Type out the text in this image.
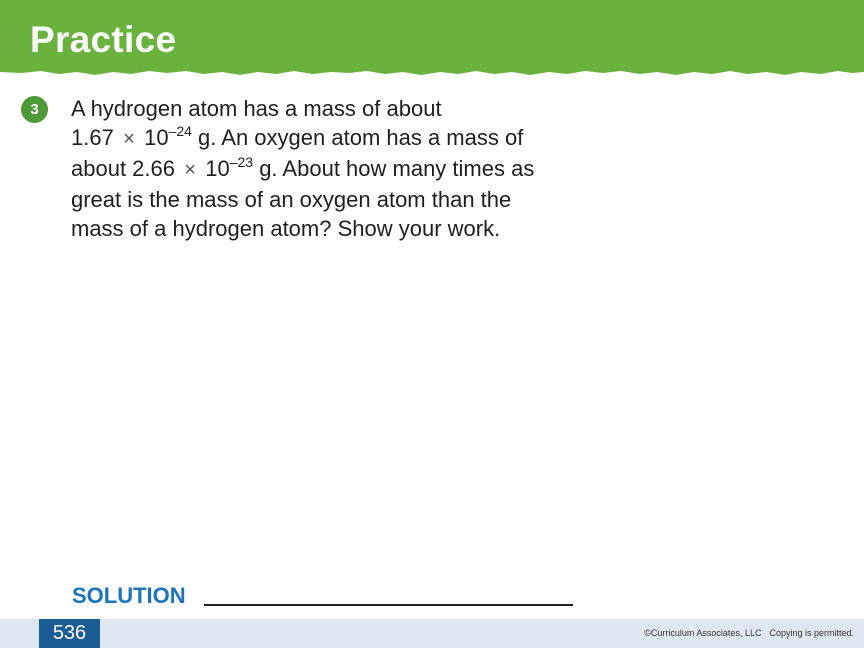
Practice
3	A hydrogen atom has a mass of about
$1.67 \times 10^{-24}$ g. An oxygen atom has a mass of
about $2.66 \times 10^{-23}$ g. About how many times as
great is the mass of an oxygen atom than the
mass of a hydrogen atom? Show your work.

SOLUTION
536	©Curriculum Associates, LLC Copying is permitted.
